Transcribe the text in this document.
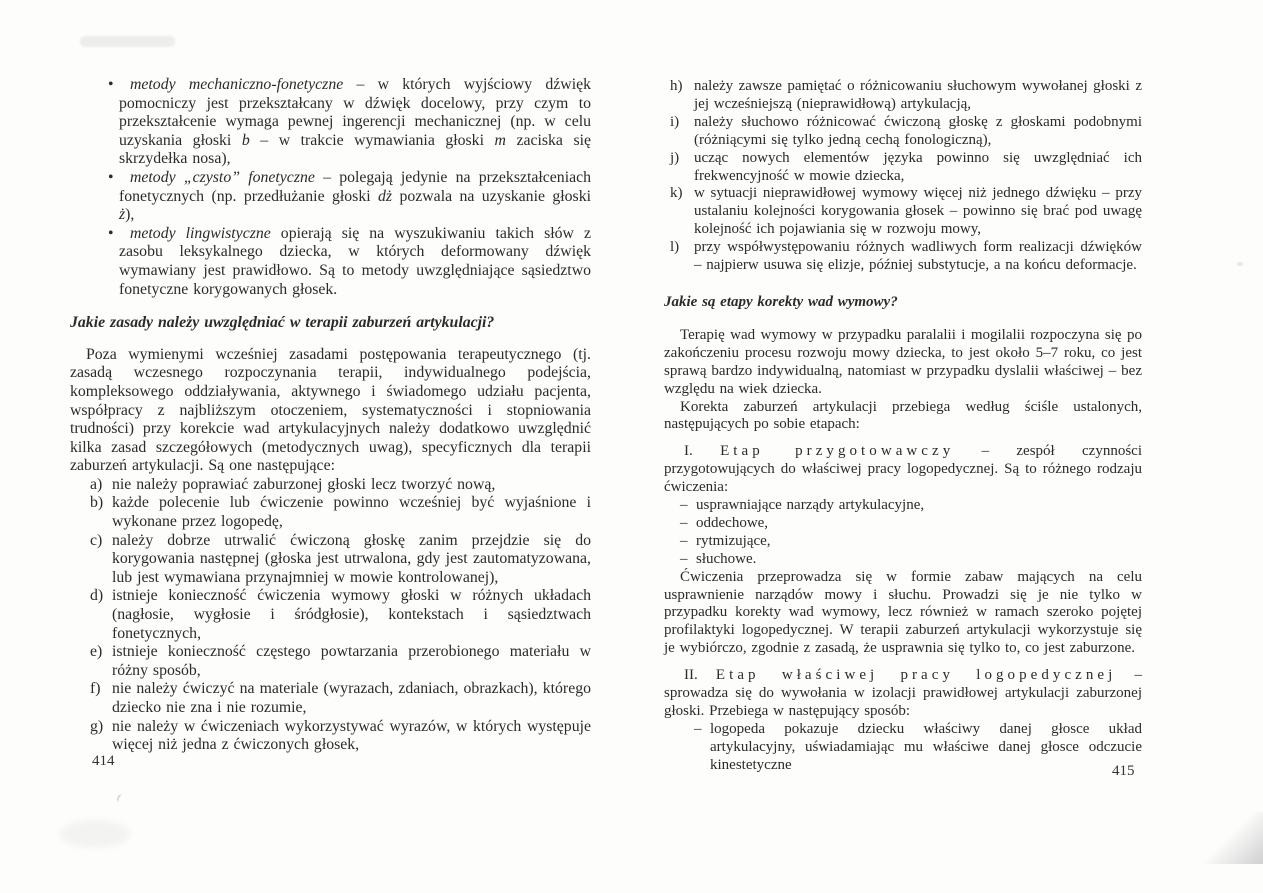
• metody mechaniczno-fonetyczne – w których wyjściowy dźwięk pomocniczy jest przekształcany w dźwięk docelowy, przy czym to przekształcenie wymaga pewnej ingerencji mechanicznej (np. w celu uzyskania głoski b – w trakcie wymawiania głoski m zaciska się skrzydełka nosa),
• metody „czysto” fonetyczne – polegają jedynie na przekształceniach fonetycznych (np. przedłużanie głoski dż pozwala na uzyskanie głoski ż),
• metody lingwistyczne opierają się na wyszukiwaniu takich słów z zasobu leksykalnego dziecka, w których deformowany dźwięk wymawiany jest prawidłowo. Są to metody uwzględniające sąsiedztwo fonetyczne korygowanych głosek.

Jakie zasady należy uwzględniać w terapii zaburzeń artykulacji?

Poza wymienymi wcześniej zasadami postępowania terapeutycznego (tj. zasadą wczesnego rozpoczynania terapii, indywidualnego podejścia, kompleksowego oddziaływania, aktywnego i świadomego udziału pacjenta, współpracy z najbliższym otoczeniem, systematyczności i stopniowania trudności) przy korekcie wad artykulacyjnych należy dodatkowo uwzględnić kilka zasad szczegółowych (metodycznych uwag), specyficznych dla terapii zaburzeń artykulacji. Są one następujące:

a) nie należy poprawiać zaburzonej głoski lecz tworzyć nową,
b) każde polecenie lub ćwiczenie powinno wcześniej być wyjaśnione i wykonane przez logopedę,
c) należy dobrze utrwalić ćwiczoną głoskę zanim przejdzie się do korygowania następnej (głoska jest utrwalona, gdy jest zautomatyzowana, lub jest wymawiana przynajmniej w mowie kontrolowanej),
d) istnieje konieczność ćwiczenia wymowy głoski w różnych układach (nagłosie, wygłosie i śródgłosie), kontekstach i sąsiedztwach fonetycznych,
e) istnieje konieczność częstego powtarzania przerobionego materiału w różny sposób,
f) nie należy ćwiczyć na materiale (wyrazach, zdaniach, obrazkach), którego dziecko nie zna i nie rozumie,
g) nie należy w ćwiczeniach wykorzystywać wyrazów, w których występuje więcej niż jedna z ćwiczonych głosek,
h) należy zawsze pamiętać o różnicowaniu słuchowym wywołanej głoski z jej wcześniejszą (nieprawidłową) artykulacją,
i) należy słuchowo różnicować ćwiczoną głoskę z głoskami podobnymi (różniącymi się tylko jedną cechą fonologiczną),
j) ucząc nowych elementów języka powinno się uwzględniać ich frekwencyjność w mowie dziecka,
k) w sytuacji nieprawidłowej wymowy więcej niż jednego dźwięku – przy ustalaniu kolejności korygowania głosek – powinno się brać pod uwagę kolejność ich pojawiania się w rozwoju mowy,
l) przy współwystępowaniu różnych wadliwych form realizacji dźwięków – najpierw usuwa się elizje, później substytucje, a na końcu deformacje.

Jakie są etapy korekty wad wymowy?

Terapię wad wymowy w przypadku paralalii i mogilalii rozpoczyna się po zakończeniu procesu rozwoju mowy dziecka, to jest około 5–7 roku, co jest sprawą bardzo indywidualną, natomiast w przypadku dyslalii właściwej – bez względu na wiek dziecka.

Korekta zaburzeń artykulacji przebiega według ściśle ustalonych, następujących po sobie etapach:

I. Etap przygotowawczy – zespół czynności przygotowujących do właściwej pracy logopedycznej. Są to różnego rodzaju ćwiczenia:

– usprawniające narządy artykulacyjne,
– oddechowe,
– rytmizujące,
– słuchowe.

Ćwiczenia przeprowadza się w formie zabaw mających na celu usprawnienie narządów mowy i słuchu. Prowadzi się je nie tylko w przypadku korekty wad wymowy, lecz również w ramach szeroko pojętej profilaktyki logopedycznej. W terapii zaburzeń artykulacji wykorzystuje się je wybiórczo, zgodnie z zasadą, że usprawnia się tylko to, co jest zaburzone.

II. Etap właściwej pracy logopedycznej – sprowadza się do wywołania w izolacji prawidłowej artykulacji zaburzonej głoski. Przebiega w następujący sposób:

– logopeda pokazuje dziecku właściwy danej głosce układ artykulacyjny, uświadamiając mu właściwe danej głosce odczucie kinestetyczne
414
415
